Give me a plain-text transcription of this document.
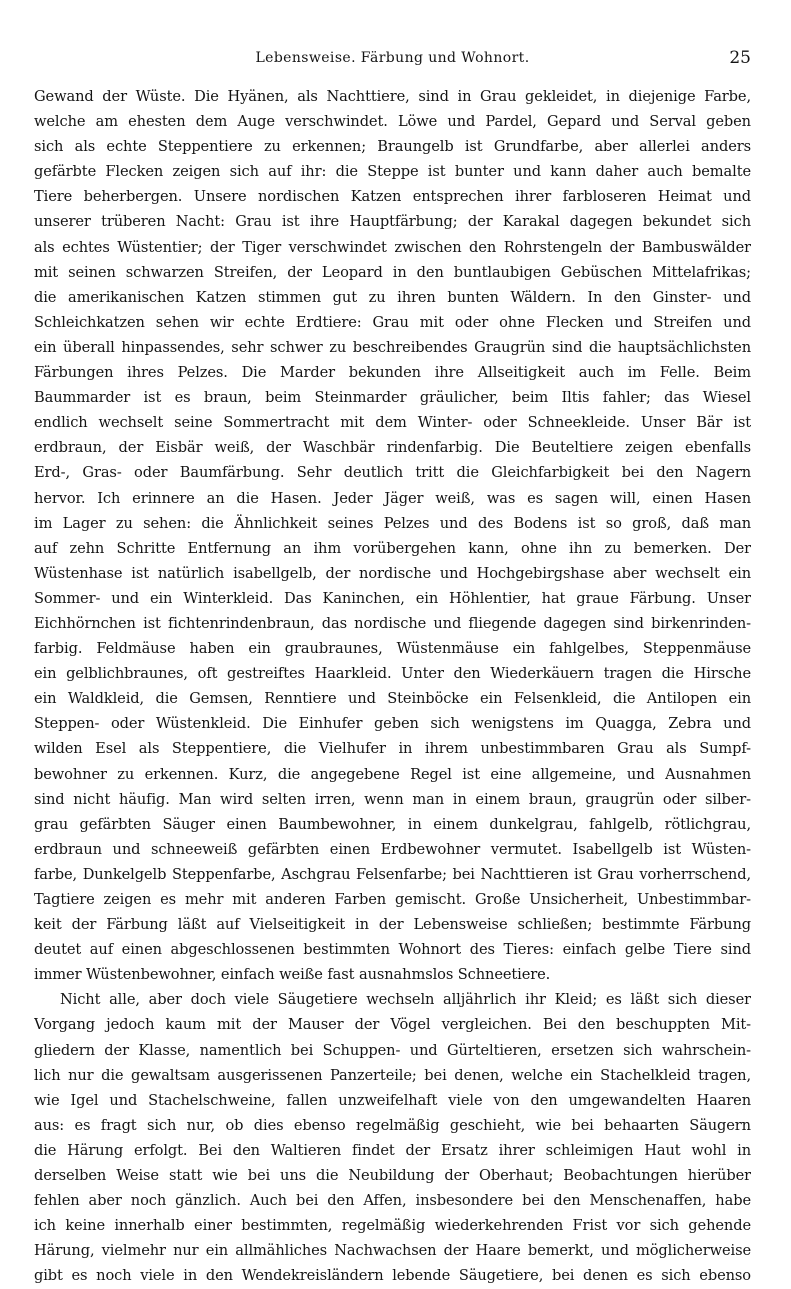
Lebensweise. Färbung und Wohnort.	25
Gewand der Wüste. Die Hyänen, als Nachttiere, sind in Grau gekleidet, in diejenige Farbe,
welche am ehesten dem Auge verschwindet. Löwe und Pardel, Gepard und Serval geben
sich als echte Steppentiere zu erkennen; Braungelb ist Grundfarbe, aber allerlei anders
gefärbte Flecken zeigen sich auf ihr: die Steppe ist bunter und kann daher auch bemalte
Tiere beherbergen. Unsere nordischen Katzen entsprechen ihrer farbloseren Heimat und
unserer trüberen Nacht: Grau ist ihre Hauptfärbung; der Karakal dagegen bekundet sich
als echtes Wüstentier; der Tiger verschwindet zwischen den Rohrstengeln der Bambuswälder
mit seinen schwarzen Streifen, der Leopard in den buntlaubigen Gebüschen Mittelafrikas;
die amerikanischen Katzen stimmen gut zu ihren bunten Wäldern. In den Ginster- und
Schleichkatzen sehen wir echte Erdtiere: Grau mit oder ohne Flecken und Streifen und
ein überall hinpassendes, sehr schwer zu beschreibendes Graugrün sind die hauptsächlichsten
Färbungen ihres Pelzes. Die Marder bekunden ihre Allseitigkeit auch im Felle. Beim
Baummarder ist es braun, beim Steinmarder gräulicher, beim Iltis fahler; das Wiesel
endlich wechselt seine Sommertracht mit dem Winter- oder Schneekleide. Unser Bär ist
erdbraun, der Eisbär weiß, der Waschbär rindenfarbig. Die Beuteltiere zeigen ebenfalls
Erd-, Gras- oder Baumfärbung. Sehr deutlich tritt die Gleichfarbigkeit bei den Nagern
hervor. Ich erinnere an die Hasen. Jeder Jäger weiß, was es sagen will, einen Hasen
im Lager zu sehen: die Ähnlichkeit seines Pelzes und des Bodens ist so groß, daß man
auf zehn Schritte Entfernung an ihm vorübergehen kann, ohne ihn zu bemerken. Der
Wüstenhase ist natürlich isabellgelb, der nordische und Hochgebirgshase aber wechselt ein
Sommer- und ein Winterkleid. Das Kaninchen, ein Höhlentier, hat graue Färbung. Unser
Eichhörnchen ist fichtenrindenbraun, das nordische und fliegende dagegen sind birkenrinden-
farbig. Feldmäuse haben ein graubraunes, Wüstenmäuse ein fahlgelbes, Steppenmäuse
ein gelblichbraunes, oft gestreiftes Haarkleid. Unter den Wiederkäuern tragen die Hirsche
ein Waldkleid, die Gemsen, Renntiere und Steinböcke ein Felsenkleid, die Antilopen ein
Steppen- oder Wüstenkleid. Die Einhufer geben sich wenigstens im Quagga, Zebra und
wilden Esel als Steppentiere, die Vielhufer in ihrem unbestimmbaren Grau als Sumpf-
bewohner zu erkennen. Kurz, die angegebene Regel ist eine allgemeine, und Ausnahmen
sind nicht häufig. Man wird selten irren, wenn man in einem braun, graugrün oder silber-
grau gefärbten Säuger einen Baumbewohner, in einem dunkelgrau, fahlgelb, rötlichgrau,
erdbraun und schneeweiß gefärbten einen Erdbewohner vermutet. Isabellgelb ist Wüsten-
farbe, Dunkelgelb Steppenfarbe, Aschgrau Felsenfarbe; bei Nachttieren ist Grau vorherrschend,
Tagtiere zeigen es mehr mit anderen Farben gemischt. Große Unsicherheit, Unbestimmbar-
keit der Färbung läßt auf Vielseitigkeit in der Lebensweise schließen; bestimmte Färbung
deutet auf einen abgeschlossenen bestimmten Wohnort des Tieres: einfach gelbe Tiere sind
immer Wüstenbewohner, einfach weiße fast ausnahmslos Schneetiere.
Nicht alle, aber doch viele Säugetiere wechseln alljährlich ihr Kleid; es läßt sich dieser
Vorgang jedoch kaum mit der Mauser der Vögel vergleichen. Bei den beschuppten Mit-
gliedern der Klasse, namentlich bei Schuppen- und Gürteltieren, ersetzen sich wahrschein-
lich nur die gewaltsam ausgerissenen Panzerteile; bei denen, welche ein Stachelkleid tragen,
wie Igel und Stachelschweine, fallen unzweifelhaft viele von den umgewandelten Haaren
aus: es fragt sich nur, ob dies ebenso regelmäßig geschieht, wie bei behaarten Säugern
die Härung erfolgt. Bei den Waltieren findet der Ersatz ihrer schleimigen Haut wohl in
derselben Weise statt wie bei uns die Neubildung der Oberhaut; Beobachtungen hierüber
fehlen aber noch gänzlich. Auch bei den Affen, insbesondere bei den Menschenaffen, habe
ich keine innerhalb einer bestimmten, regelmäßig wiederkehrenden Frist vor sich gehende
Härung, vielmehr nur ein allmähliches Nachwachsen der Haare bemerkt, und möglicherweise
gibt es noch viele in den Wendekreisländern lebende Säugetiere, bei denen es sich ebenso
